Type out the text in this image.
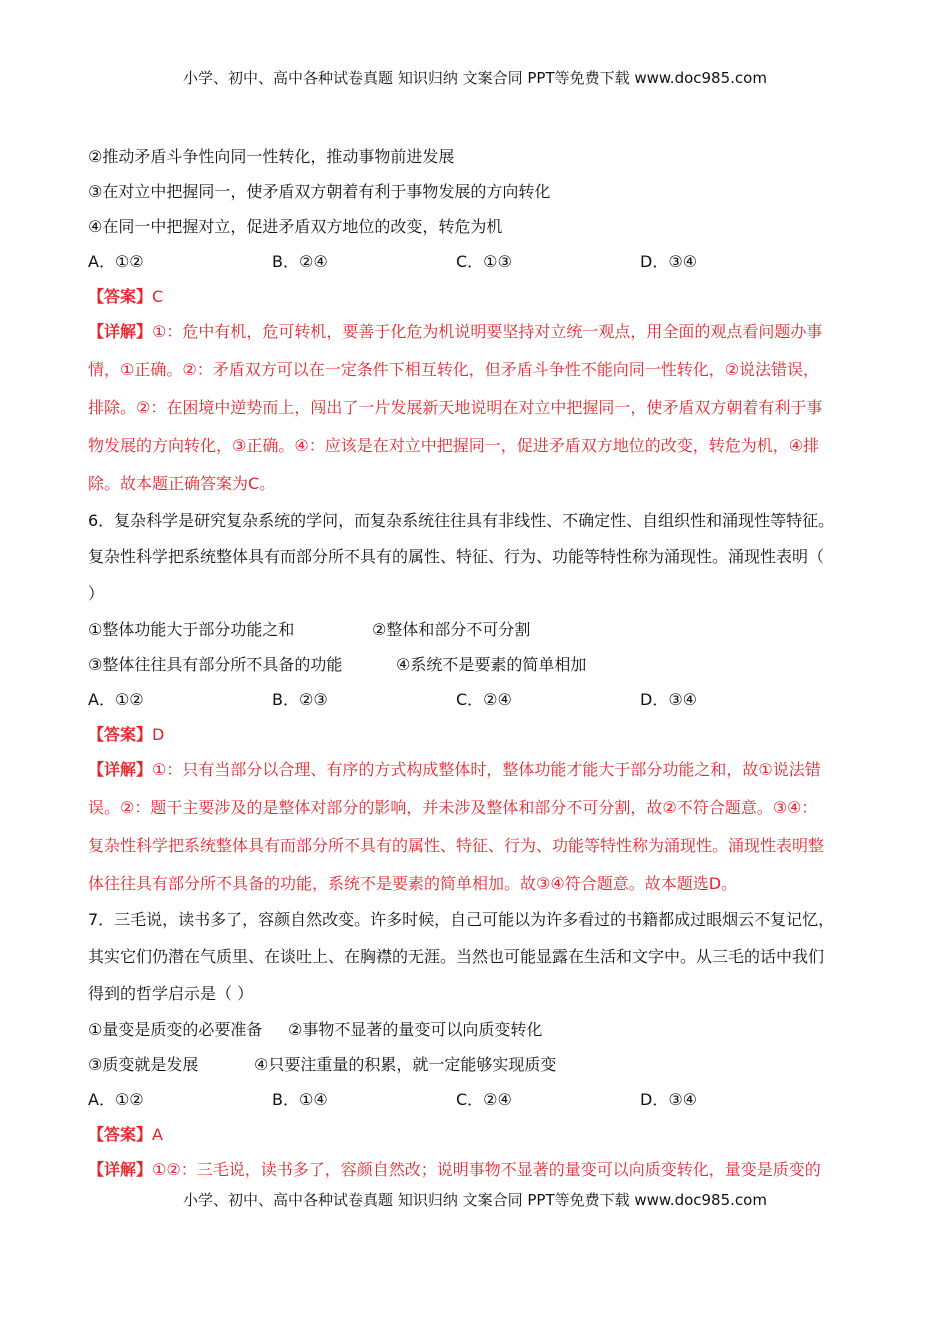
小学、初中、高中各种试卷真题 知识归纳 文案合同 PPT等免费下载 www.doc985.com
②推动矛盾斗争性向同一性转化，推动事物前进发展
③在对立中把握同一，使矛盾双方朝着有利于事物发展的方向转化
④在同一中把握对立，促进矛盾双方地位的改变，转危为机
A．①②	B．②④	C．①③	D．③④
【答案】C
【详解】①：危中有机，危可转机，要善于化危为机说明要坚持对立统一观点，用全面的观点看问题办事
情，①正确。②：矛盾双方可以在一定条件下相互转化，但矛盾斗争性不能向同一性转化，②说法错误，
排除。②：在困境中逆势而上，闯出了一片发展新天地说明在对立中把握同一，使矛盾双方朝着有利于事
物发展的方向转化，③正确。④：应该是在对立中把握同一，促进矛盾双方地位的改变，转危为机，④排
除。故本题正确答案为C。
6．复杂科学是研究复杂系统的学问，而复杂系统往往具有非线性、不确定性、自组织性和涌现性等特征。
复杂性科学把系统整体具有而部分所不具有的属性、特征、行为、功能等特性称为涌现性。涌现性表明（
）
①整体功能大于部分功能之和	②整体和部分不可分割
③整体往往具有部分所不具备的功能	④系统不是要素的简单相加
A．①②	B．②③	C．②④	D．③④
【答案】D
【详解】①：只有当部分以合理、有序的方式构成整体时，整体功能才能大于部分功能之和，故①说法错
误。②：题干主要涉及的是整体对部分的影响，并未涉及整体和部分不可分割，故②不符合题意。③④：
复杂性科学把系统整体具有而部分所不具有的属性、特征、行为、功能等特性称为涌现性。涌现性表明整
体往往具有部分所不具备的功能，系统不是要素的简单相加。故③④符合题意。故本题选D。
7．三毛说，读书多了，容颜自然改变。许多时候，自己可能以为许多看过的书籍都成过眼烟云不复记忆，
其实它们仍潜在气质里、在谈吐上、在胸襟的无涯。当然也可能显露在生活和文字中。从三毛的话中我们
得到的哲学启示是（ ）
①量变是质变的必要准备	②事物不显著的量变可以向质变转化
③质变就是发展	④只要注重量的积累，就一定能够实现质变
A．①②	B．①④	C．②④	D．③④
【答案】A
【详解】①②：三毛说，读书多了，容颜自然改；说明事物不显著的量变可以向质变转化，量变是质变的
小学、初中、高中各种试卷真题 知识归纳 文案合同 PPT等免费下载 www.doc985.com
